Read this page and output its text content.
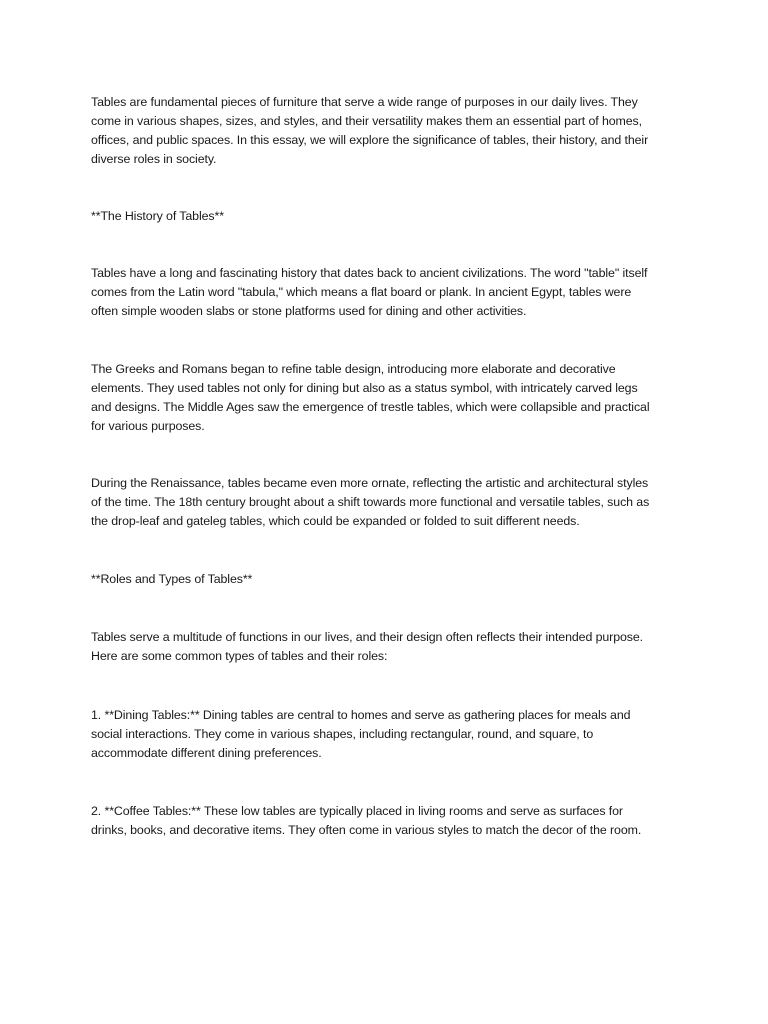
Tables are fundamental pieces of furniture that serve a wide range of purposes in our daily lives. They
come in various shapes, sizes, and styles, and their versatility makes them an essential part of homes,
offices, and public spaces. In this essay, we will explore the significance of tables, their history, and their
diverse roles in society.

**The History of Tables**

Tables have a long and fascinating history that dates back to ancient civilizations. The word "table" itself
comes from the Latin word "tabula," which means a flat board or plank. In ancient Egypt, tables were
often simple wooden slabs or stone platforms used for dining and other activities.

The Greeks and Romans began to refine table design, introducing more elaborate and decorative
elements. They used tables not only for dining but also as a status symbol, with intricately carved legs
and designs. The Middle Ages saw the emergence of trestle tables, which were collapsible and practical
for various purposes.

During the Renaissance, tables became even more ornate, reflecting the artistic and architectural styles
of the time. The 18th century brought about a shift towards more functional and versatile tables, such as
the drop-leaf and gateleg tables, which could be expanded or folded to suit different needs.

**Roles and Types of Tables**

Tables serve a multitude of functions in our lives, and their design often reflects their intended purpose.
Here are some common types of tables and their roles:

1. **Dining Tables:** Dining tables are central to homes and serve as gathering places for meals and
social interactions. They come in various shapes, including rectangular, round, and square, to
accommodate different dining preferences.

2. **Coffee Tables:** These low tables are typically placed in living rooms and serve as surfaces for
drinks, books, and decorative items. They often come in various styles to match the decor of the room.
